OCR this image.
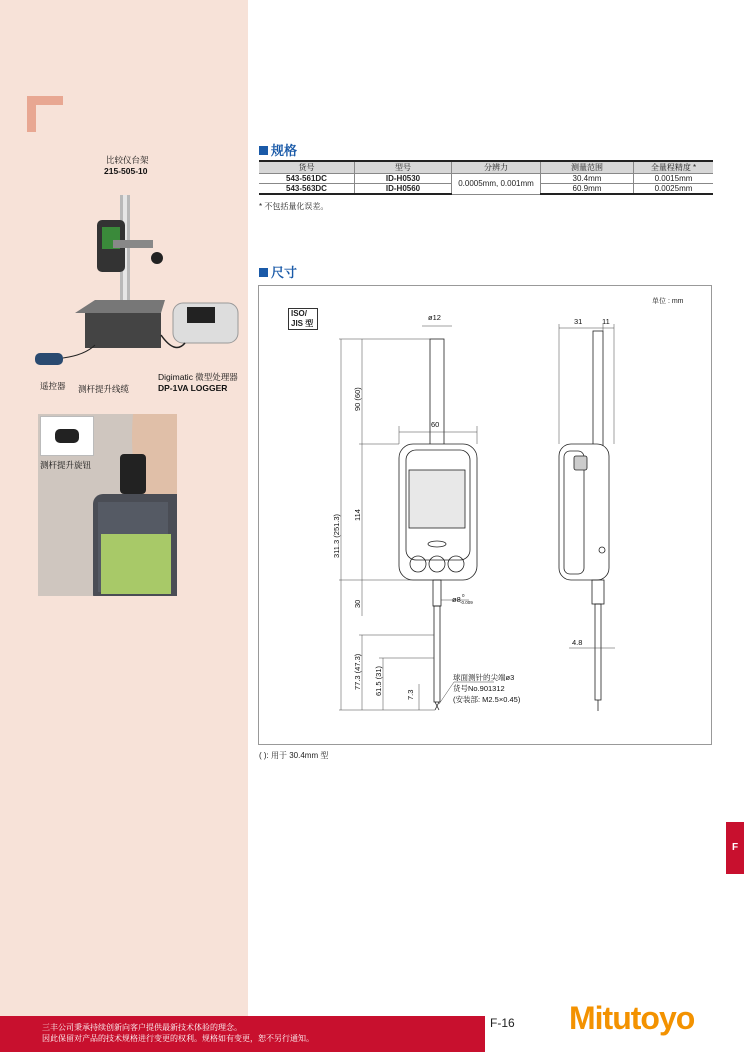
比较仪台架
215-505-10
遥控器 测杆提升线缆
Digimatic 微型处理器
DP-1VA LOGGER
测杆提升旋钮
规格
货号	型号	分辨力	测量范围	全量程精度 *
543-561DC	ID-H0530	0.0005mm, 0.001mm	30.4mm	0.0015mm
543-563DC	ID-H0560		60.9mm	0.0025mm
* 不包括量化误差。
尺寸
ø12
60
31	11
90 (60)
114
311.3 (251.3)
30
77.3 (47.3) 61.5 (31)	7.3
ø8 0
-0.009
4.8
球面测针的尖端ø3
货号No.901312
(安装部: M2.5×0.45)
单位 : mm
ISO/
JIS 型
( ): 用于 30.4mm 型
F
三丰公司秉承持续创新向客户提供最新技术体验的理念。
因此保留对产品的技术规格进行变更的权利。规格如有变更，恕不另行通知。
F-16 Mitutoyo
